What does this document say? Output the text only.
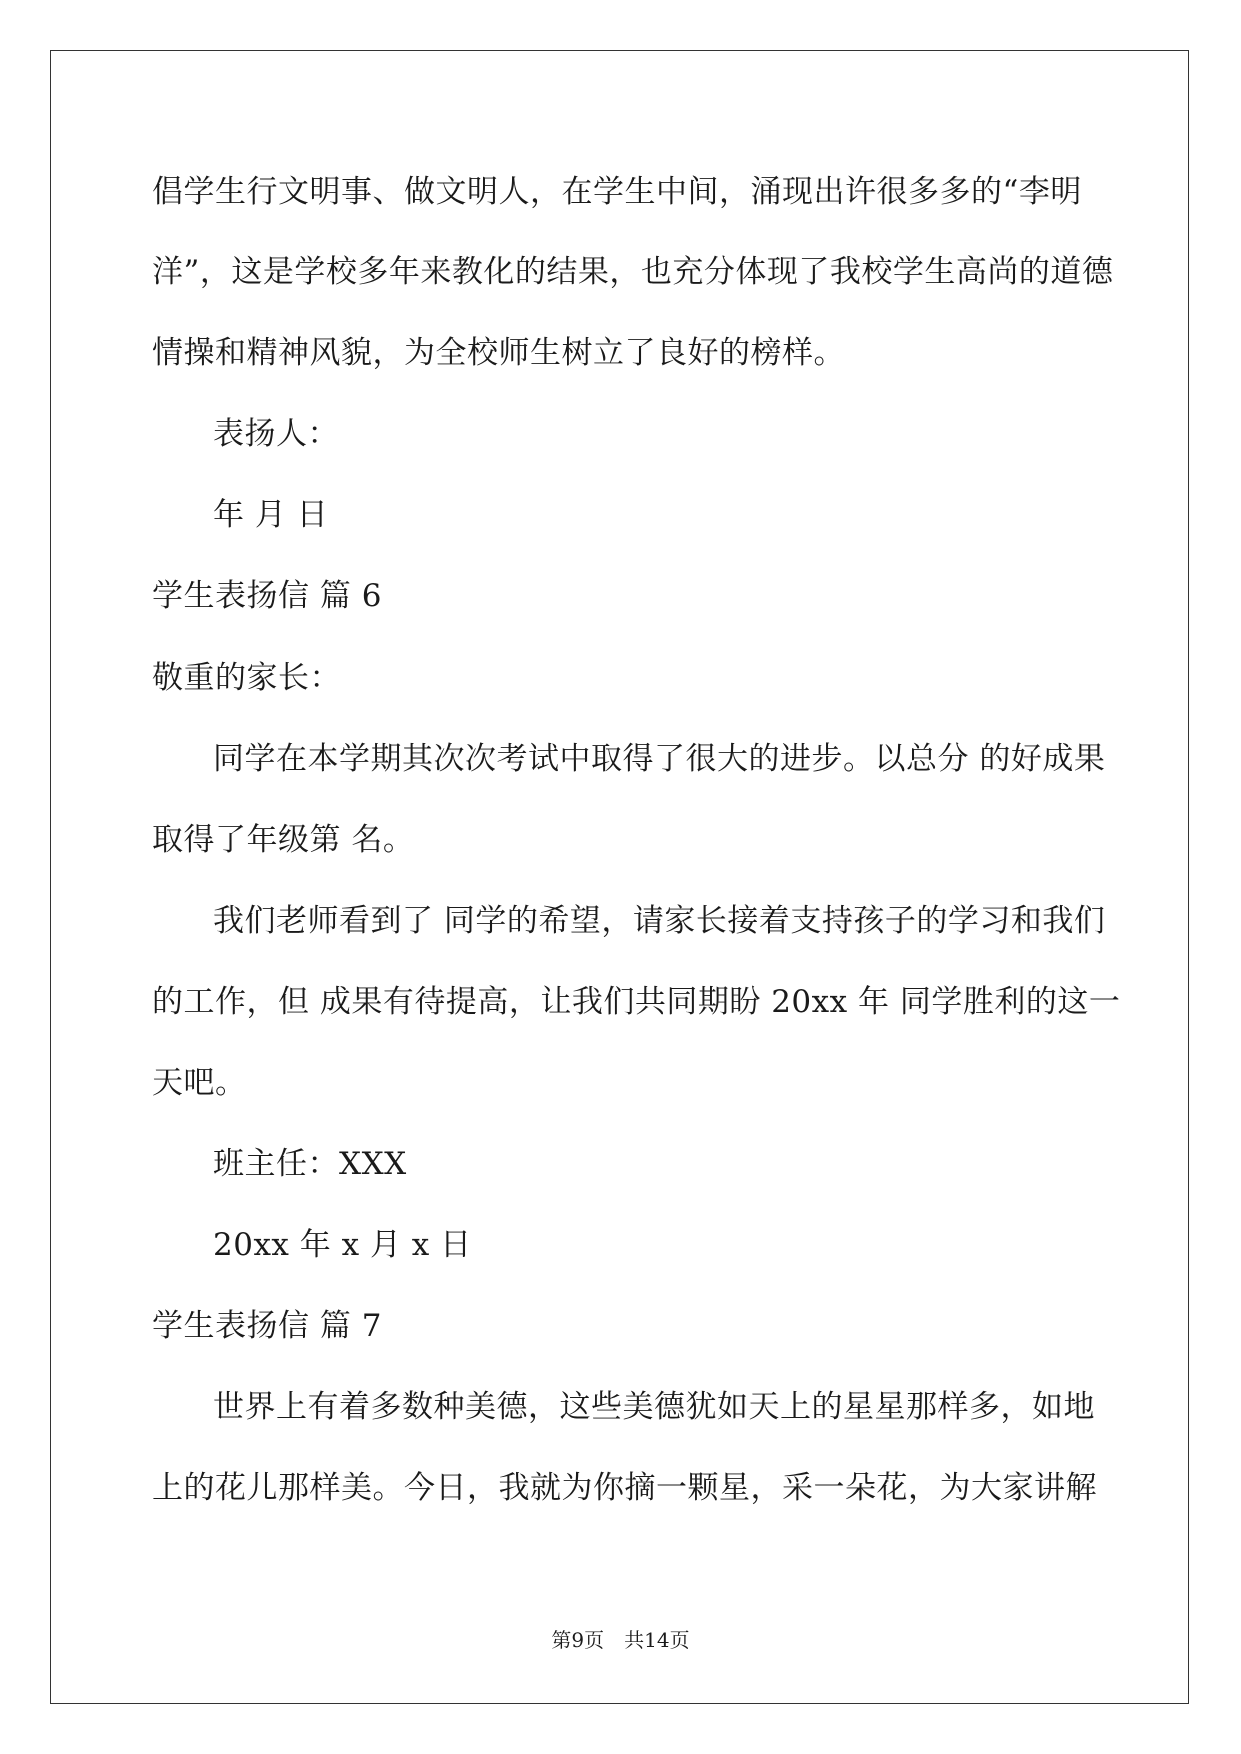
倡学生行文明事、做文明人，在学生中间，涌现出许很多多的“李明
洋”，这是学校多年来教化的结果，也充分体现了我校学生高尚的道德
情操和精神风貌，为全校师生树立了良好的榜样。
表扬人：
年 月 日
学生表扬信 篇 6
敬重的家长：
同学在本学期其次次考试中取得了很大的进步。以总分 的好成果
取得了年级第 名。
我们老师看到了 同学的希望，请家长接着支持孩子的学习和我们
的工作，但 成果有待提高，让我们共同期盼 20xx 年 同学胜利的这一
天吧。
班主任：XXX
20xx 年 x 月 x 日
学生表扬信 篇 7
世界上有着多数种美德，这些美德犹如天上的星星那样多，如地
上的花儿那样美。今日，我就为你摘一颗星，采一朵花，为大家讲解
第9页　共14页
